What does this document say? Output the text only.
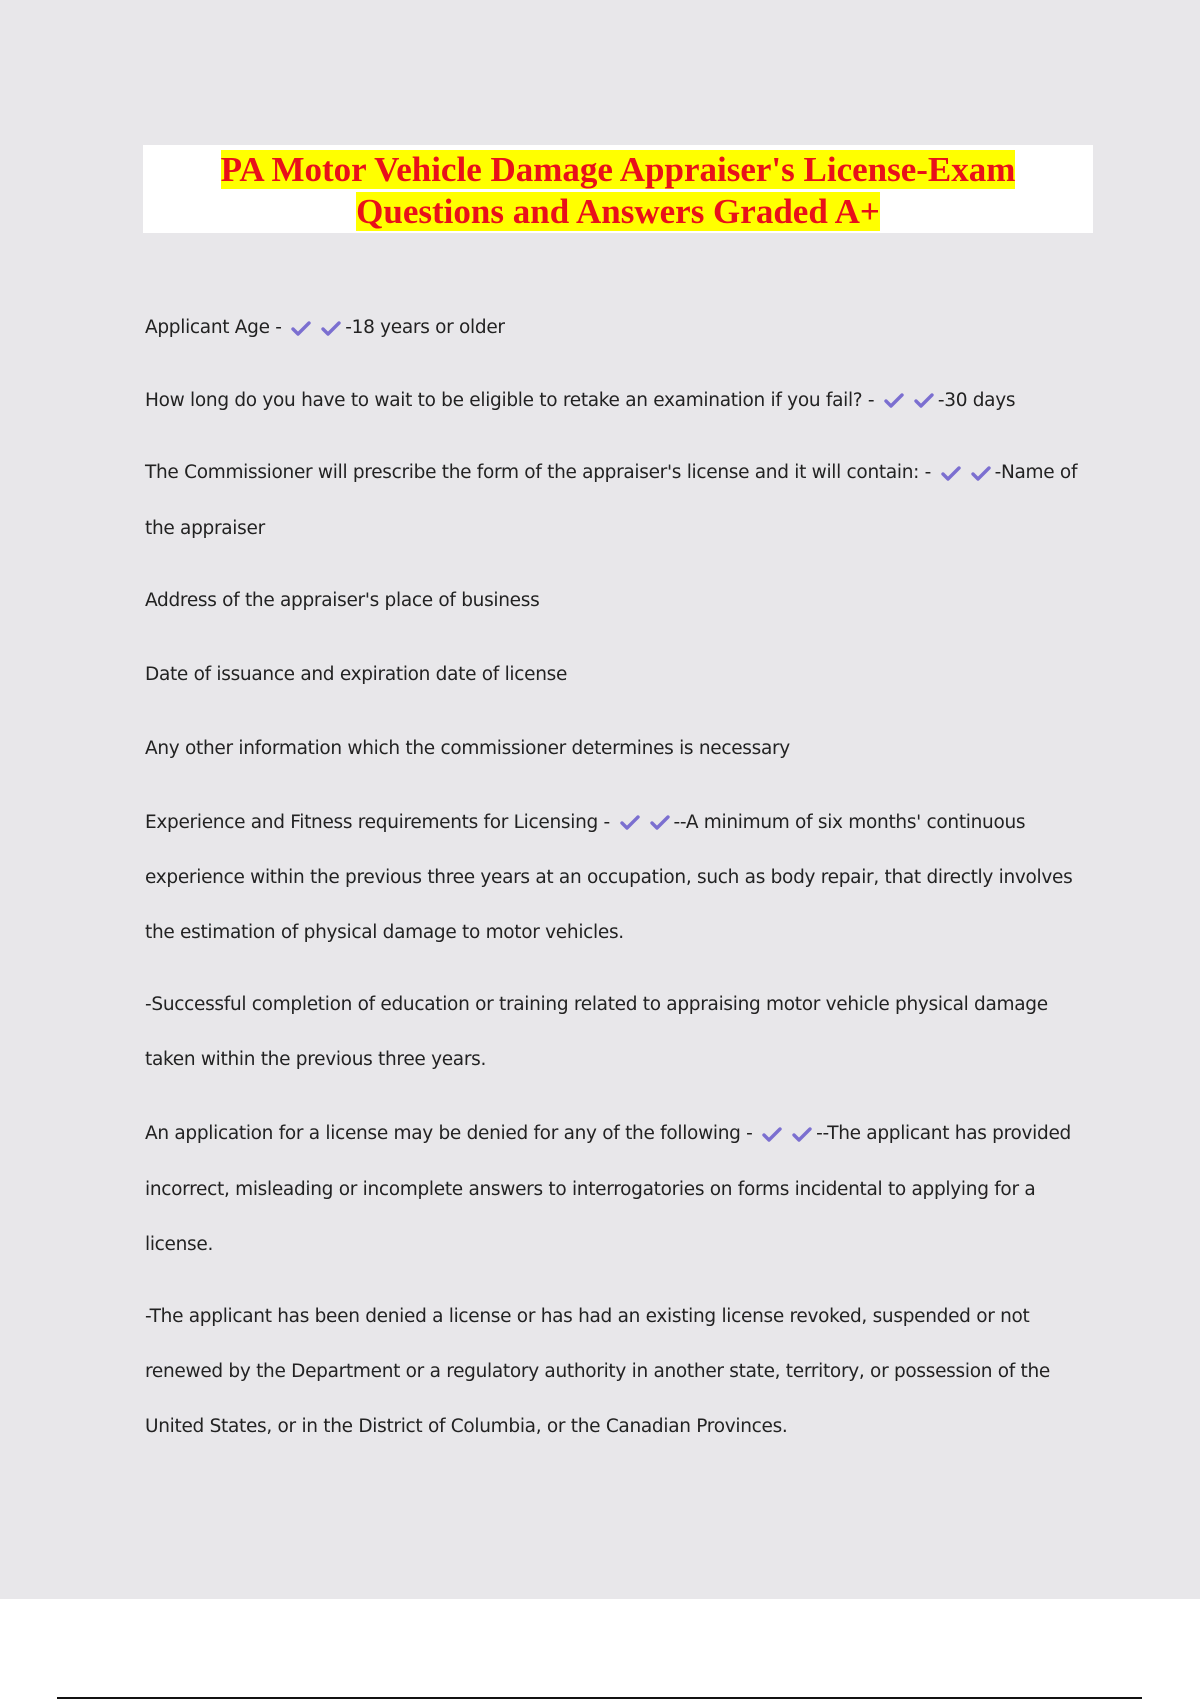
PA Motor Vehicle Damage Appraiser's License-Exam
Questions and Answers Graded A+

Applicant Age -	-18 years or older

How long do you have to wait to be eligible to retake an examination if you fail? -	-30 days

The Commissioner will prescribe the form of the appraiser's license and it will contain: -	-Name of the appraiser

Address of the appraiser's place of business

Date of issuance and expiration date of license

Any other information which the commissioner determines is necessary

Experience and Fitness requirements for Licensing -	--A minimum of six months' continuous experience within the previous three years at an occupation, such as body repair, that directly involves the estimation of physical damage to motor vehicles.

-Successful completion of education or training related to appraising motor vehicle physical damage taken within the previous three years.

An application for a license may be denied for any of the following -	--The applicant has provided incorrect, misleading or incomplete answers to interrogatories on forms incidental to applying for a license.

-The applicant has been denied a license or has had an existing license revoked, suspended or not renewed by the Department or a regulatory authority in another state, territory, or possession of the United States, or in the District of Columbia, or the Canadian Provinces.
